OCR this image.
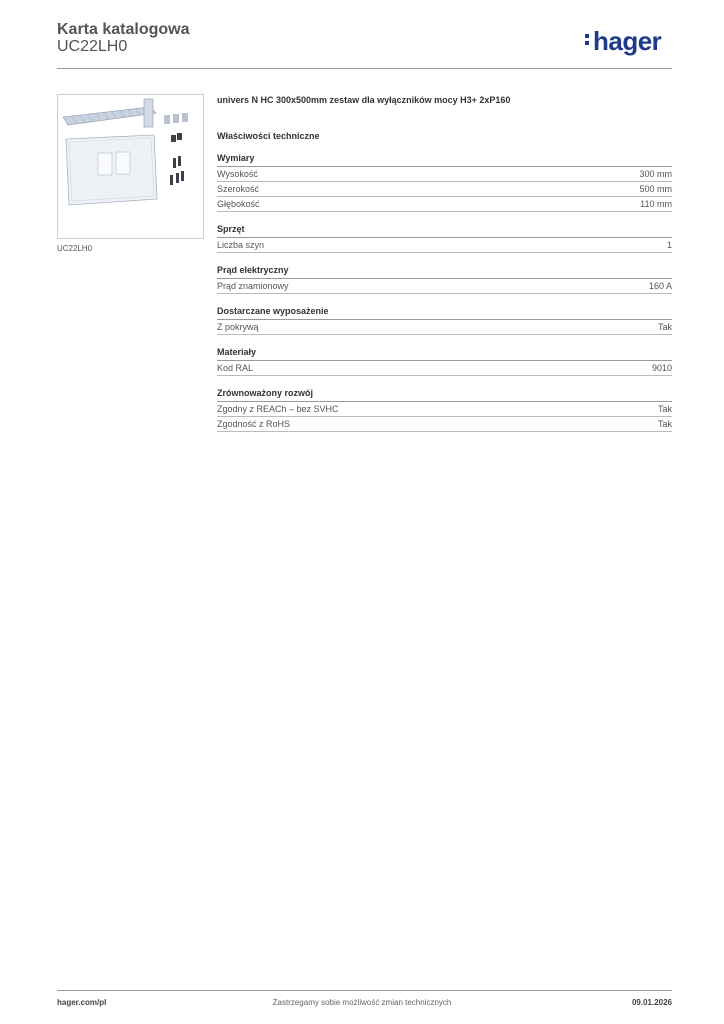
Karta katalogowa
UC22LH0	hager
UC22LH0
univers N HC 300x500mm zestaw dla wyłączników mocy H3+ 2xP160
Właściwości techniczne
Wymiary
Wysokość	300 mm
Szerokość	500 mm
Głębokość	110 mm
Sprzęt
Liczba szyn	1
Prąd elektryczny
Prąd znamionowy	160 A
Dostarczane wyposażenie
Z pokrywą	Tak
Materiały
Kod RAL	9010
Zrównoważony rozwój
Zgodny z REACh – bez SVHC	Tak
Zgodność z RoHS	Tak
hager.com/pl	Zastrzegamy sobie możliwość zmian technicznych	09.01.2026
